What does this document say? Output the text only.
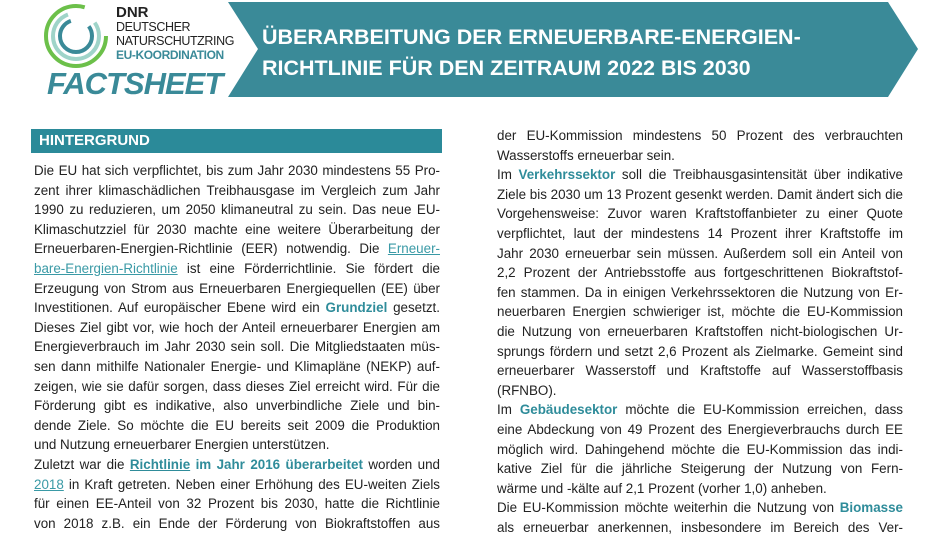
DNR
DEUTSCHER
NATURSCHUTZRING
EU-KOORDINATION
FACTSHEET
ÜBERARBEITUNG DER ERNEUERBARE-ENERGIEN-
RICHTLINIE FÜR DEN ZEITRAUM 2022 BIS 2030
HINTERGRUND
Die EU hat sich verpflichtet, bis zum Jahr 2030 mindestens 55 Pro-
zent ihrer klimaschädlichen Treibhausgase im Vergleich zum Jahr
1990 zu reduzieren, um 2050 klimaneutral zu sein. Das neue EU-
Klimaschutzziel für 2030 machte eine weitere Überarbeitung der
Erneuerbaren-Energien-Richtlinie (EER) notwendig. Die Erneuer-
bare-Energien-Richtlinie ist eine Förderrichtlinie. Sie fördert die
Erzeugung von Strom aus Erneuerbaren Energiequellen (EE) über
Investitionen. Auf europäischer Ebene wird ein Grundziel gesetzt.
Dieses Ziel gibt vor, wie hoch der Anteil erneuerbarer Energien am
Energieverbrauch im Jahr 2030 sein soll. Die Mitgliedstaaten müs-
sen dann mithilfe Nationaler Energie- und Klimapläne (NEKP) auf-
zeigen, wie sie dafür sorgen, dass dieses Ziel erreicht wird. Für die
Förderung gibt es indikative, also unverbindliche Ziele und bin-
dende Ziele. So möchte die EU bereits seit 2009 die Produktion
und Nutzung erneuerbarer Energien unterstützen.
Zuletzt war die Richtlinie im Jahr 2016 überarbeitet worden und
2018 in Kraft getreten. Neben einer Erhöhung des EU-weiten Ziels
für einen EE-Anteil von 32 Prozent bis 2030, hatte die Richtlinie
von 2018 z.B. ein Ende der Förderung von Biokraftstoffen aus
der EU-Kommission mindestens 50 Prozent des verbrauchten
Wasserstoffs erneuerbar sein.
Im Verkehrssektor soll die Treibhausgasintensität über indikative
Ziele bis 2030 um 13 Prozent gesenkt werden. Damit ändert sich die
Vorgehensweise: Zuvor waren Kraftstoffanbieter zu einer Quote
verpflichtet, laut der mindestens 14 Prozent ihrer Kraftstoffe im
Jahr 2030 erneuerbar sein müssen. Außerdem soll ein Anteil von
2,2 Prozent der Antriebsstoffe aus fortgeschrittenen Biokraftstof-
fen stammen. Da in einigen Verkehrssektoren die Nutzung von Er-
neuerbaren Energien schwieriger ist, möchte die EU-Kommission
die Nutzung von erneuerbaren Kraftstoffen nicht-biologischen Ur-
sprungs fördern und setzt 2,6 Prozent als Zielmarke. Gemeint sind
erneuerbarer Wasserstoff und Kraftstoffe auf Wasserstoffbasis
(RFNBO).
Im Gebäudesektor möchte die EU-Kommission erreichen, dass
eine Abdeckung von 49 Prozent des Energieverbrauchs durch EE
möglich wird. Dahingehend möchte die EU-Kommission das indi-
kative Ziel für die jährliche Steigerung der Nutzung von Fern-
wärme und -kälte auf 2,1 Prozent (vorher 1,0) anheben.
Die EU-Kommission möchte weiterhin die Nutzung von Biomasse
als erneuerbar anerkennen, insbesondere im Bereich des Ver-
